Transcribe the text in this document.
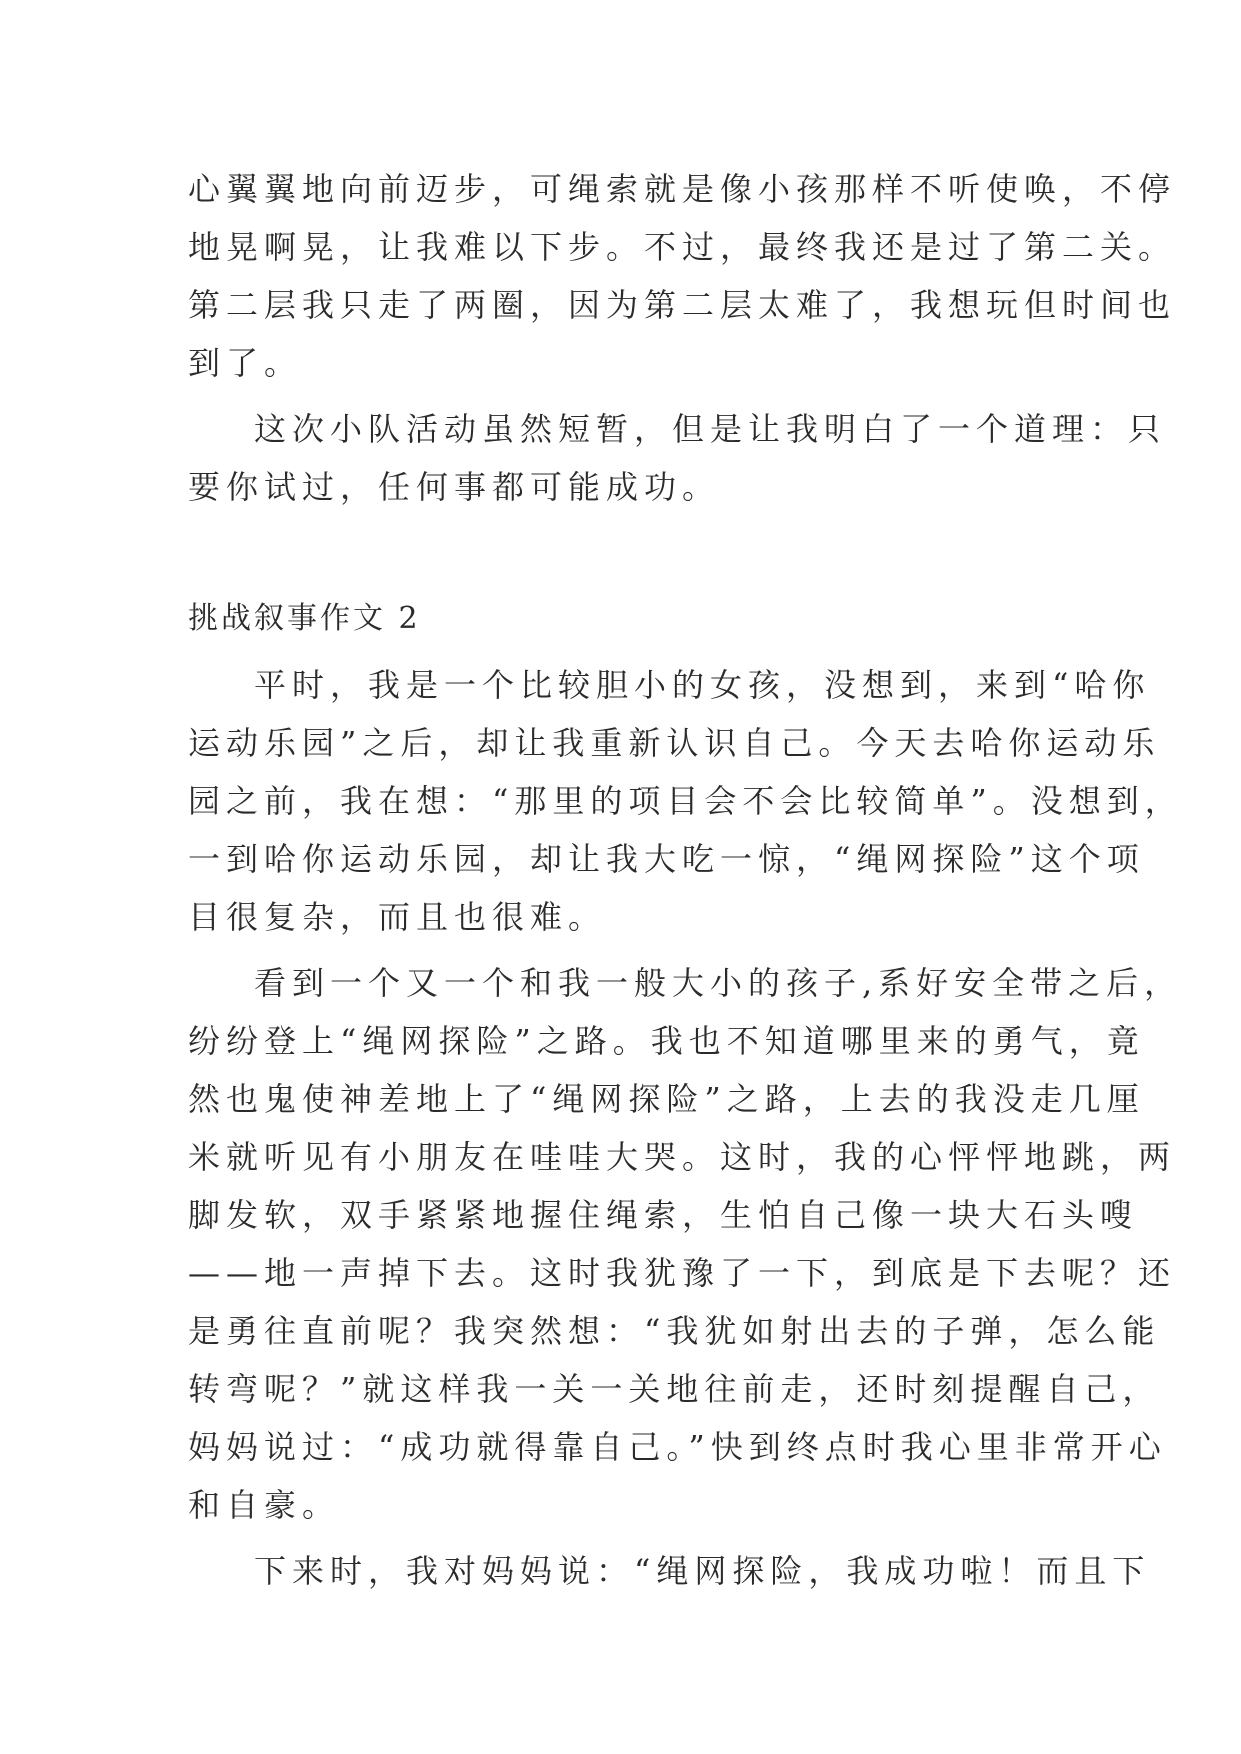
心翼翼地向前迈步，可绳索就是像小孩那样不听使唤，不停
地晃啊晃，让我难以下步。不过，最终我还是过了第二关。
第二层我只走了两圈，因为第二层太难了，我想玩但时间也
到了。
这次小队活动虽然短暂，但是让我明白了一个道理：只
要你试过，任何事都可能成功。
挑战叙事作文 2
平时，我是一个比较胆小的女孩，没想到，来到“哈你
运动乐园”之后，却让我重新认识自己。今天去哈你运动乐
园之前，我在想：“那里的项目会不会比较简单”。没想到，
一到哈你运动乐园，却让我大吃一惊，“绳网探险”这个项
目很复杂，而且也很难。
看到一个又一个和我一般大小的孩子,系好安全带之后，
纷纷登上“绳网探险”之路。我也不知道哪里来的勇气，竟
然也鬼使神差地上了“绳网探险”之路，上去的我没走几厘
米就听见有小朋友在哇哇大哭。这时，我的心怦怦地跳，两
脚发软，双手紧紧地握住绳索，生怕自己像一块大石头嗖
——地一声掉下去。这时我犹豫了一下，到底是下去呢？还
是勇往直前呢？我突然想：“我犹如射出去的子弹，怎么能
转弯呢？”就这样我一关一关地往前走，还时刻提醒自己，
妈妈说过：“成功就得靠自己。”快到终点时我心里非常开心
和自豪。
下来时，我对妈妈说：“绳网探险，我成功啦！而且下
